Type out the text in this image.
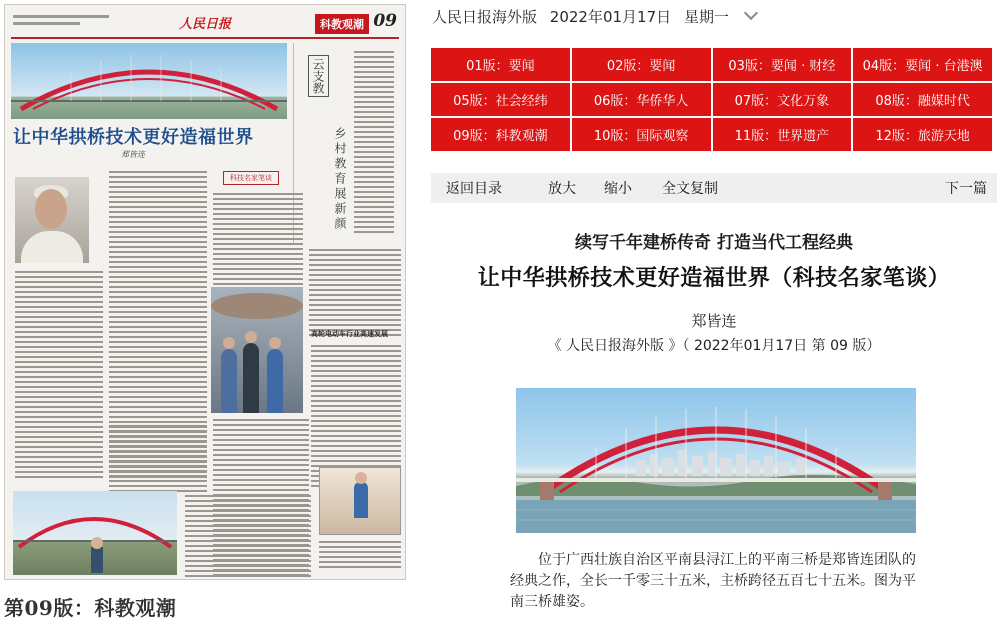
人民日报	科教观潮 09
让中华拱桥技术更好造福世界
郑皆连
云支教
乡村教育展新颜
科技名家笔谈
高轮电动车行业高速发展
第09版：科教观潮
人民日报海外版 2022年01月17日 星期一
01版：要闻	02版：要闻	03版：要闻 · 财经	04版：要闻 · 台港澳
05版：社会经纬	06版：华侨华人	07版：文化万象	08版：融媒时代
09版：科教观潮	10版：国际观察	11版：世界遗产	12版：旅游天地
返回目录	放大 缩小 全文复制	下一篇
续写千年建桥传奇 打造当代工程经典
让中华拱桥技术更好造福世界（科技名家笔谈）
郑皆连
《 人民日报海外版 》（ 2022年01月17日 第 09 版）
位于广西壮族自治区平南县浔江上的平南三桥是郑皆连团队的经典之作，全长一千零三十五米，主桥跨径五百七十五米。图为平南三桥雄姿。
